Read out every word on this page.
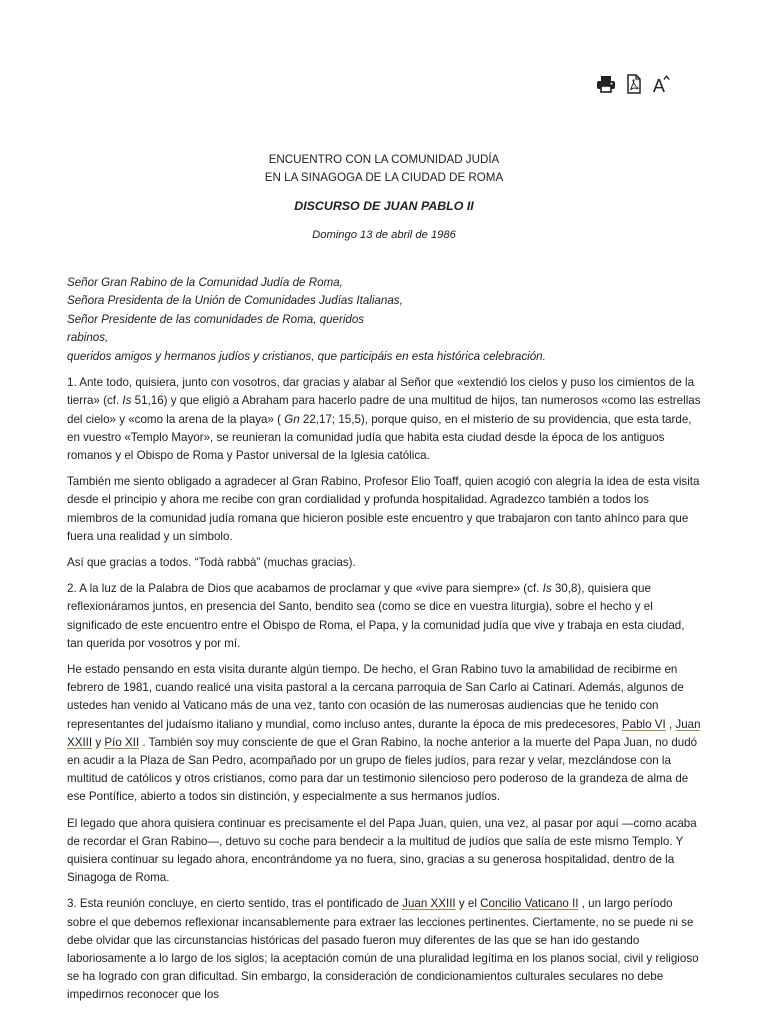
A
ENCUENTRO CON LA COMUNIDAD JUDÍA
EN LA SINAGOGA DE LA CIUDAD DE ROMA
DISCURSO DE JUAN PABLO II
Domingo 13 de abril de 1986
Señor Gran Rabino de la Comunidad Judía de Roma,
Señora Presidenta de la Unión de Comunidades Judías Italianas,
Señor Presidente de las comunidades de Roma, queridos
rabinos,
queridos amigos y hermanos judíos y cristianos, que participáis en esta histórica celebración.

1. Ante todo, quisiera, junto con vosotros, dar gracias y alabar al Señor que «extendió los cielos y puso los cimientos de la tierra» (cf. Is 51,16) y que eligió a Abraham para hacerlo padre de una multitud de hijos, tan numerosos «como las estrellas del cielo» y «como la arena de la playa» ( Gn 22,17; 15,5), porque quiso, en el misterio de su providencia, que esta tarde, en vuestro «Templo Mayor», se reunieran la comunidad judía que habita esta ciudad desde la época de los antiguos romanos y el Obispo de Roma y Pastor universal de la Iglesia católica.

También me siento obligado a agradecer al Gran Rabino, Profesor Elio Toaff, quien acogió con alegría la idea de esta visita desde el principio y ahora me recibe con gran cordialidad y profunda hospitalidad. Agradezco también a todos los miembros de la comunidad judía romana que hicieron posible este encuentro y que trabajaron con tanto ahínco para que fuera una realidad y un símbolo.

Así que gracias a todos. “Todà rabbà” (muchas gracias).

2. A la luz de la Palabra de Dios que acabamos de proclamar y que «vive para siempre» (cf. Is 30,8), quisiera que reflexionáramos juntos, en presencia del Santo, bendito sea (como se dice en vuestra liturgia), sobre el hecho y el significado de este encuentro entre el Obispo de Roma, el Papa, y la comunidad judía que vive y trabaja en esta ciudad, tan querida por vosotros y por mí.

He estado pensando en esta visita durante algún tiempo. De hecho, el Gran Rabino tuvo la amabilidad de recibirme en febrero de 1981, cuando realicé una visita pastoral a la cercana parroquia de San Carlo ai Catinari. Además, algunos de ustedes han venido al Vaticano más de una vez, tanto con ocasión de las numerosas audiencias que he tenido con representantes del judaísmo italiano y mundial, como incluso antes, durante la época de mis predecesores, Pablo VI , Juan XXIII y Pío XII . También soy muy consciente de que el Gran Rabino, la noche anterior a la muerte del Papa Juan, no dudó en acudir a la Plaza de San Pedro, acompañado por un grupo de fieles judíos, para rezar y velar, mezclándose con la multitud de católicos y otros cristianos, como para dar un testimonio silencioso pero poderoso de la grandeza de alma de ese Pontífice, abierto a todos sin distinción, y especialmente a sus hermanos judíos.

El legado que ahora quisiera continuar es precisamente el del Papa Juan, quien, una vez, al pasar por aquí —como acaba de recordar el Gran Rabino—, detuvo su coche para bendecir a la multitud de judíos que salía de este mismo Templo. Y quisiera continuar su legado ahora, encontrándome ya no fuera, sino, gracias a su generosa hospitalidad, dentro de la Sinagoga de Roma.

3. Esta reunión concluye, en cierto sentido, tras el pontificado de Juan XXIII y el Concilio Vaticano II , un largo período sobre el que debemos reflexionar incansablemente para extraer las lecciones pertinentes. Ciertamente, no se puede ni se debe olvidar que las circunstancias históricas del pasado fueron muy diferentes de las que se han ido gestando laboriosamente a lo largo de los siglos; la aceptación común de una pluralidad legítima en los planos social, civil y religioso se ha logrado con gran dificultad. Sin embargo, la consideración de condicionamientos culturales seculares no debe impedirnos reconocer que los
